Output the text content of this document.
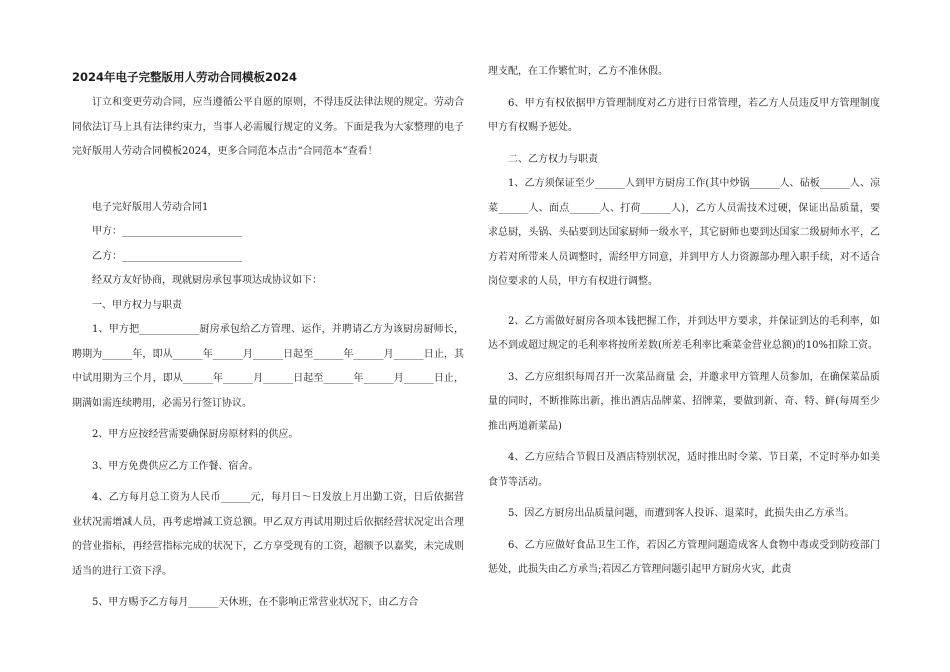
2024年电子完整版用人劳动合同模板2024

订立和变更劳动合同，应当遵循公平自愿的原则，不得违反法律法规的规定。劳动合同依法订马上具有法律约束力，当事人必需履行规定的义务。下面是我为大家整理的电子完好版用人劳动合同模板2024，更多合同范本点击“合同范本”查看！

电子完好版用人劳动合同1

甲方：________________________

乙方：________________________

经双方友好协商，现就厨房承包事项达成协议如下：

一、甲方权力与职责

1、甲方把____________厨房承包给乙方管理、运作，并聘请乙方为该厨房厨师长，聘期为______年，即从______年______月______日起至______年______月______日止，其中试用期为三个月，即从______年______月______日起至______年______月______日止，期满如需连续聘用，必需另行签订协议。

2、甲方应按经营需要确保厨房原材料的供应。

3、甲方免费供应乙方工作餐、宿舍。

4、乙方每月总工资为人民币______元，每月日～日发放上月出勤工资，日后依据营业状况需增减人员，再考虑增减工资总额。甲乙双方再试用期过后依据经营状况定出合理的营业指标，再经营指标完成的状况下，乙方享受现有的工资，超额予以嘉奖，未完成则适当的进行工资下浮。

5、甲方赐予乙方每月______天休班，在不影响正常营业状况下，由乙方合

理支配，在工作繁忙时，乙方不准休假。

6、甲方有权依据甲方管理制度对乙方进行日常管理，若乙方人员违反甲方管理制度甲方有权赐予惩处。

二、乙方权力与职责

1、乙方须保证至少______人到甲方厨房工作(其中炒锅______人、砧板______人、凉菜______人、面点______人、打荷______人)，乙方人员需技术过硬，保证出品质量，要求总厨，头锅、头砧要到达国家厨师一级水平，其它厨师也要到达国家二级厨师水平，乙方若对所带来人员调整时，需经甲方同意，并到甲方人力资源部办理入职手续，对不适合岗位要求的人员，甲方有权进行调整。

2、乙方需做好厨房各项本钱把握工作，并到达甲方要求，并保证到达的毛利率，如达不到或超过规定的毛利率将按所差数(所差毛利率比乘菜金营业总额)的10%扣除工资。

3、乙方应组织每周召开一次菜品商量 会，并邀求甲方管理人员参加，在确保菜品质量的同时，不断推陈出新，推出酒店品牌菜、招牌菜，要做到新、奇、特、鲜(每周至少推出两道新菜品)

4、乙方应结合节假日及酒店特别状况，适时推出时令菜、节日菜，不定时举办如美食节等活动。

5、因乙方厨房出品质量问题，而遭到客人投诉、退菜时，此损失由乙方承当。

6、乙方应做好食品卫生工作，若因乙方管理问题造成客人食物中毒或受到防疫部门惩处，此损失由乙方承当;若因乙方管理问题引起甲方厨房火灾，此责
